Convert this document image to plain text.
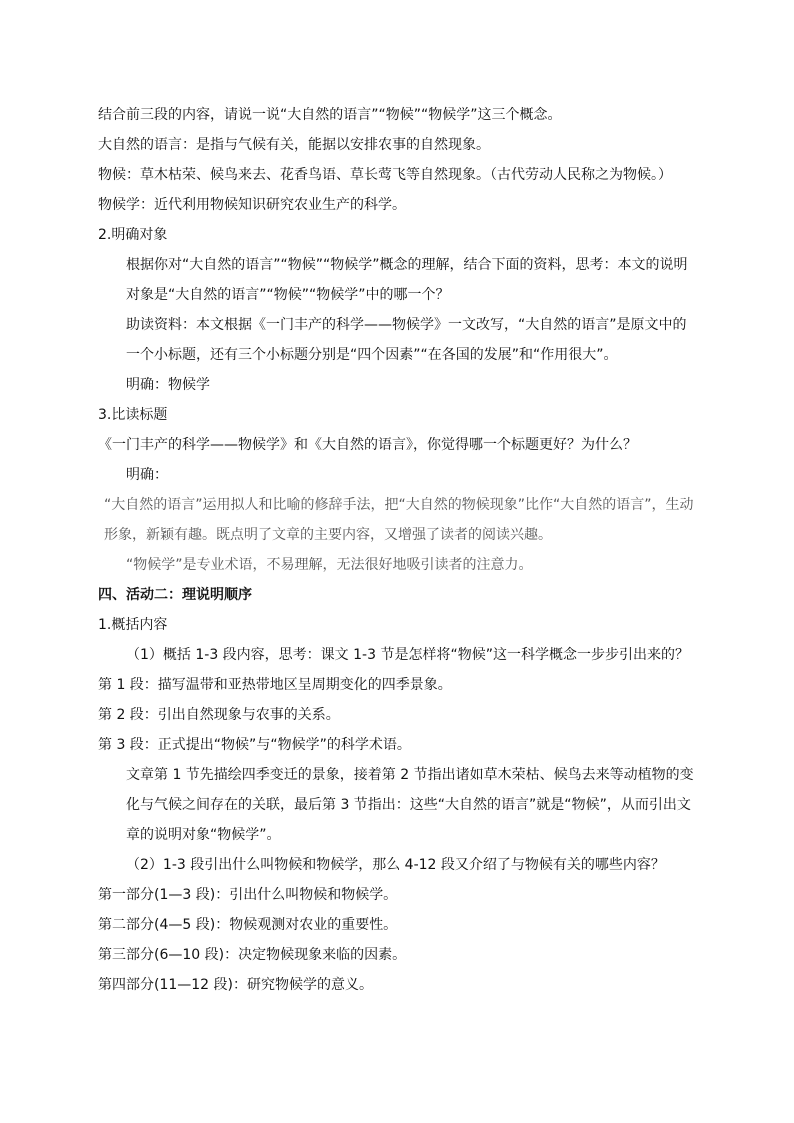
结合前三段的内容，请说一说“大自然的语言”“物候”“物候学”这三个概念。
大自然的语言：是指与气候有关，能据以安排农事的自然现象。
物候：草木枯荣、候鸟来去、花香鸟语、草长莺飞等自然现象。（古代劳动人民称之为物候。）
物候学：近代利用物候知识研究农业生产的科学。
2.明确对象
根据你对“大自然的语言”“物候”“物候学”概念的理解，结合下面的资料，思考：本文的说明对象是“大自然的语言”“物候”“物候学”中的哪一个？
助读资料：本文根据《一门丰产的科学——物候学》一文改写，“大自然的语言”是原文中的一个小标题，还有三个小标题分别是“四个因素”“在各国的发展”和“作用很大”。
明确：物候学
3.比读标题
《一门丰产的科学——物候学》和《大自然的语言》，你觉得哪一个标题更好？为什么？
明确：
“大自然的语言”运用拟人和比喻的修辞手法，把“大自然的物候现象”比作“大自然的语言”，生动形象，新颖有趣。既点明了文章的主要内容，又增强了读者的阅读兴趣。
“物候学”是专业术语，不易理解，无法很好地吸引读者的注意力。
四、活动二：理说明顺序
1.概括内容
（1）概括 1-3 段内容，思考：课文 1-3 节是怎样将“物候”这一科学概念一步步引出来的？
第 1 段：描写温带和亚热带地区呈周期变化的四季景象。
第 2 段：引出自然现象与农事的关系。
第 3 段：正式提出“物候”与“物候学”的科学术语。
文章第 1 节先描绘四季变迁的景象，接着第 2 节指出诸如草木荣枯、候鸟去来等动植物的变化与气候之间存在的关联，最后第 3 节指出：这些“大自然的语言”就是“物候”，从而引出文章的说明对象“物候学”。
（2）1-3 段引出什么叫物候和物候学，那么 4-12 段又介绍了与物候有关的哪些内容？
第一部分(1—3 段)：引出什么叫物候和物候学。
第二部分(4—5 段)：物候观测对农业的重要性。
第三部分(6—10 段)：决定物候现象来临的因素。
第四部分(11—12 段)：研究物候学的意义。
